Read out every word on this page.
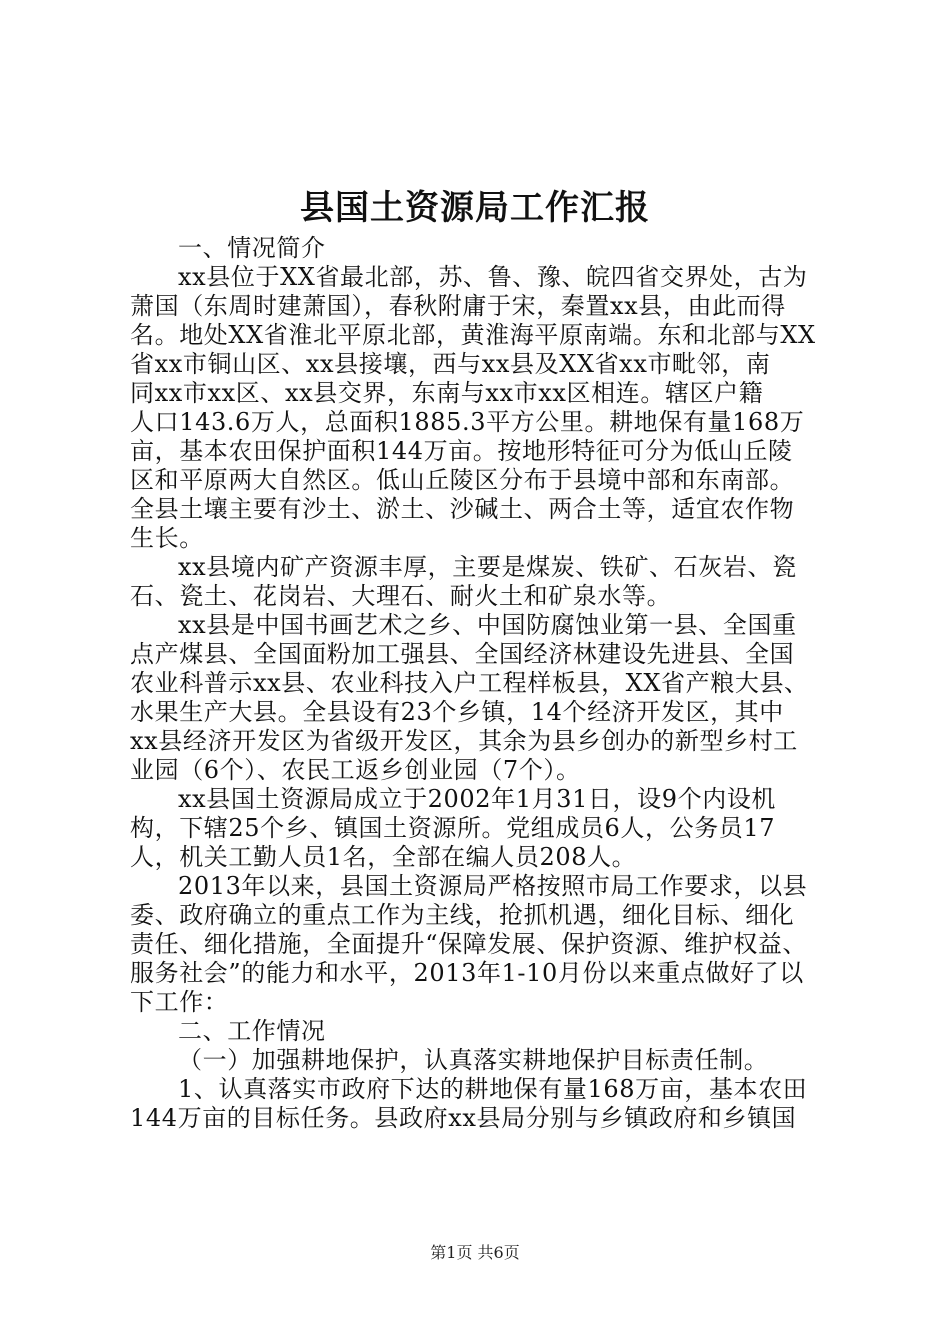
县国土资源局工作汇报
一、情况简介
xx县位于XX省最北部，苏、鲁、豫、皖四省交界处，古为
萧国（东周时建萧国），春秋附庸于宋，秦置xx县，由此而得
名。地处XX省淮北平原北部，黄淮海平原南端。东和北部与XX
省xx市铜山区、xx县接壤，西与xx县及XX省xx市毗邻，南
同xx市xx区、xx县交界，东南与xx市xx区相连。辖区户籍
人口143.6万人，总面积1885.3平方公里。耕地保有量168万
亩，基本农田保护面积144万亩。按地形特征可分为低山丘陵
区和平原两大自然区。低山丘陵区分布于县境中部和东南部。
全县土壤主要有沙土、淤土、沙碱土、两合土等，适宜农作物
生长。
xx县境内矿产资源丰厚，主要是煤炭、铁矿、石灰岩、瓷
石、瓷土、花岗岩、大理石、耐火土和矿泉水等。
xx县是中国书画艺术之乡、中国防腐蚀业第一县、全国重
点产煤县、全国面粉加工强县、全国经济林建设先进县、全国
农业科普示xx县、农业科技入户工程样板县，XX省产粮大县、
水果生产大县。全县设有23个乡镇，14个经济开发区，其中
xx县经济开发区为省级开发区，其余为县乡创办的新型乡村工
业园（6个）、农民工返乡创业园（7个）。
xx县国土资源局成立于2002年1月31日，设9个内设机
构，下辖25个乡、镇国土资源所。党组成员6人，公务员17
人，机关工勤人员1名，全部在编人员208人。
2013年以来，县国土资源局严格按照市局工作要求，以县
委、政府确立的重点工作为主线，抢抓机遇，细化目标、细化
责任、细化措施，全面提升“保障发展、保护资源、维护权益、
服务社会”的能力和水平，2013年1-10月份以来重点做好了以
下工作：
二、工作情况
（一）加强耕地保护，认真落实耕地保护目标责任制。
1、认真落实市政府下达的耕地保有量168万亩，基本农田
144万亩的目标任务。县政府xx县局分别与乡镇政府和乡镇国
第1页 共6页
